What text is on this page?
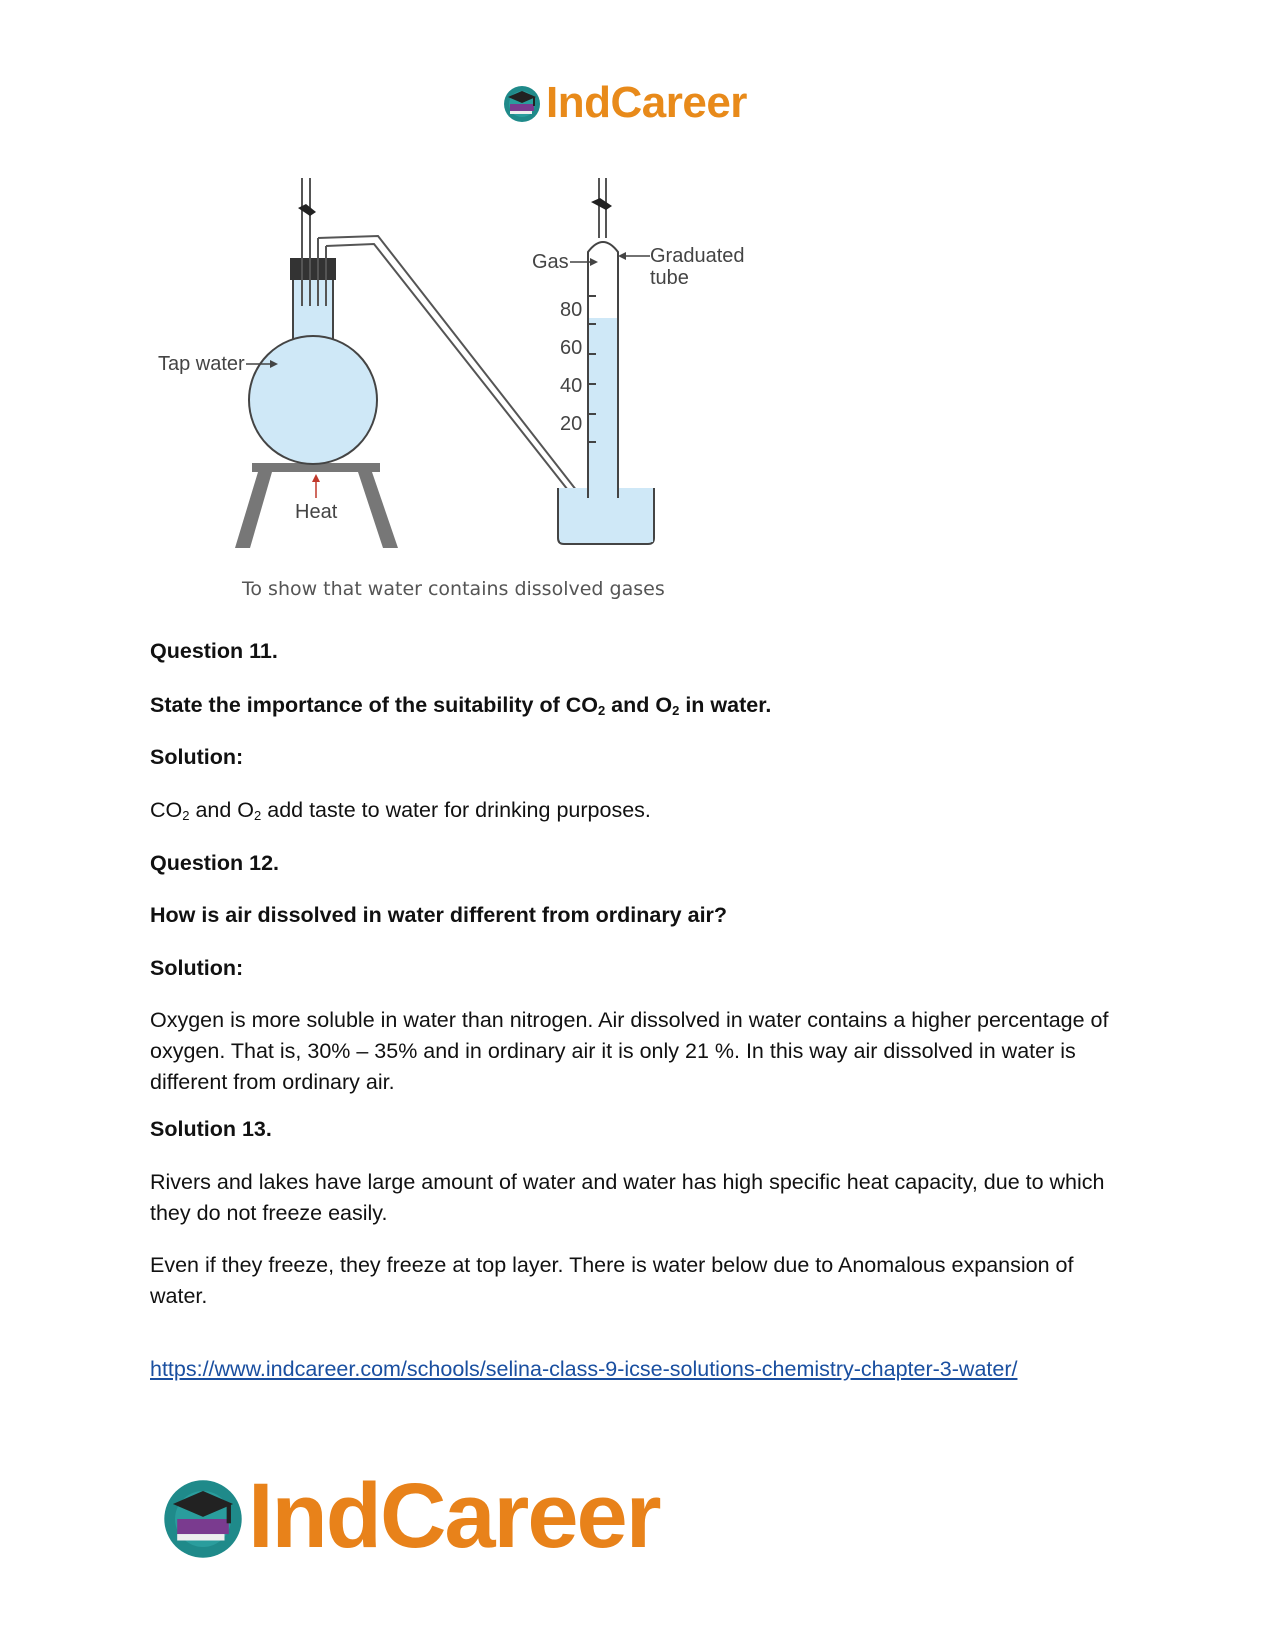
IndCareer
Tap water
Heat
Gas	Graduated
tube
80
60
40
20
To show that water contains dissolved gases

Question 11.

State the importance of the suitability of $CO_2$ and $O_2$ in water.

Solution:

$CO_2$ and $O_2$ add taste to water for drinking purposes.

Question 12.

How is air dissolved in water different from ordinary air?

Solution:

Oxygen is more soluble in water than nitrogen. Air dissolved in water contains a higher percentage of oxygen. That is, 30% – 35% and in ordinary air it is only 21 %. In this way air dissolved in water is different from ordinary air.

Solution 13.

Rivers and lakes have large amount of water and water has high specific heat capacity, due to which they do not freeze easily.

Even if they freeze, they freeze at top layer. There is water below due to Anomalous expansion of water.

https://www.indcareer.com/schools/selina-class-9-icse-solutions-chemistry-chapter-3-water/

IndCareer
